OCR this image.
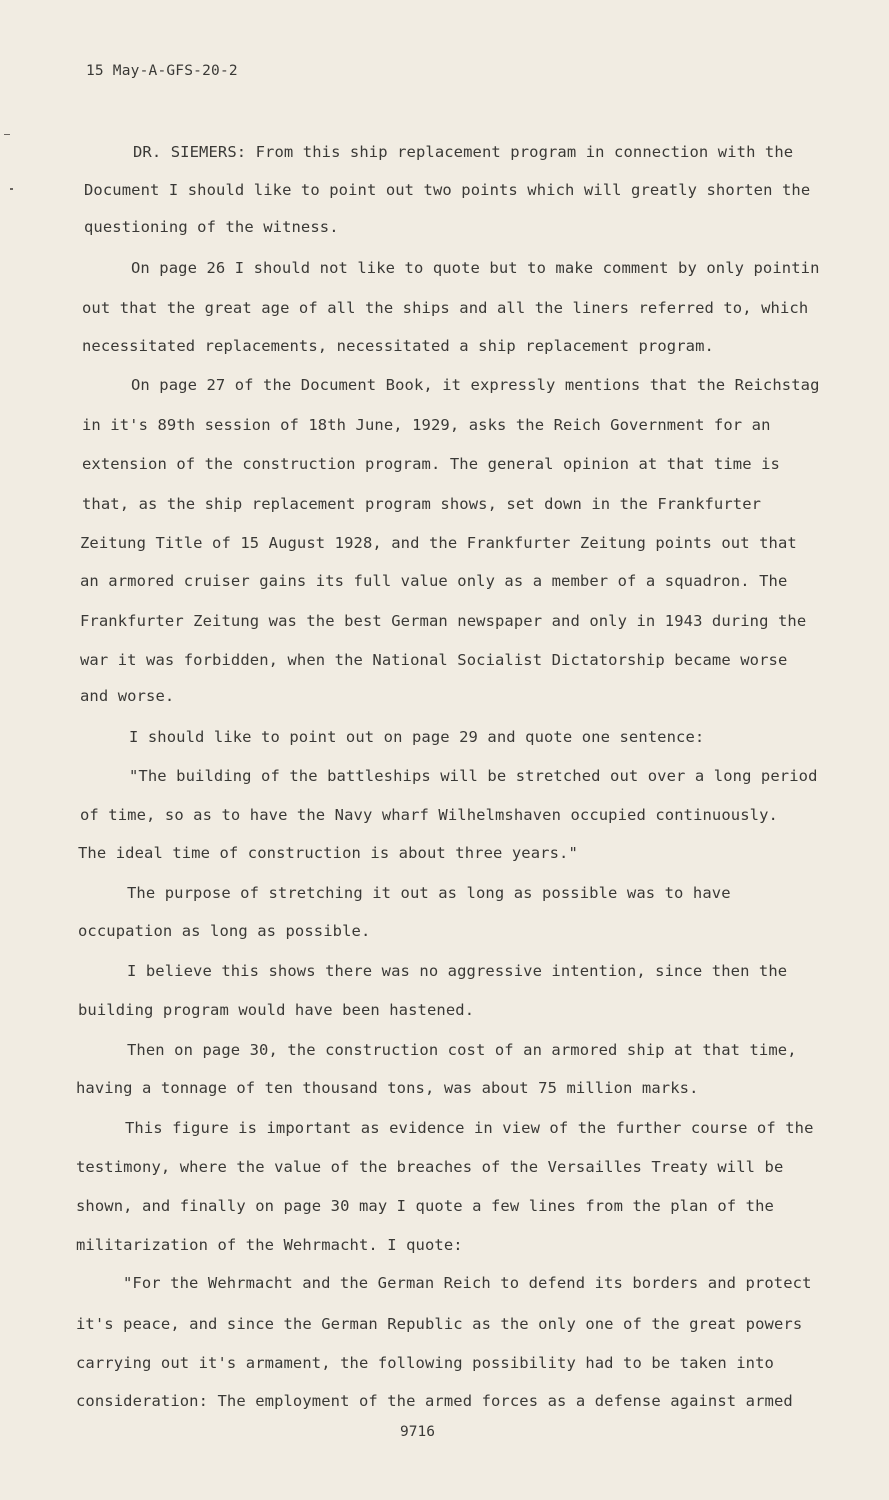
15 May-A-GFS-20-2
DR. SIEMERS: From this ship replacement program in connection with the
Document I should like to point out two points which will greatly shorten the
questioning of the witness.
On page 26 I should not like to quote but to make comment by only pointin
out that the great age of all the ships and all the liners referred to, which
necessitated replacements, necessitated a ship replacement program.
On page 27 of the Document Book, it expressly mentions that the Reichstag
in it's 89th session of 18th June, 1929, asks the Reich Government for an
extension of the construction program. The general opinion at that time is
that, as the ship replacement program shows, set down in the Frankfurter
Zeitung Title of 15 August 1928, and the Frankfurter Zeitung points out that
an armored cruiser gains its full value only as a member of a squadron. The
Frankfurter Zeitung was the best German newspaper and only in 1943 during the
war it was forbidden, when the National Socialist Dictatorship became worse
and worse.
I should like to point out on page 29 and quote one sentence:
"The building of the battleships will be stretched out over a long period
of time, so as to have the Navy wharf Wilhelmshaven occupied continuously.
The ideal time of construction is about three years."
The purpose of stretching it out as long as possible was to have
occupation as long as possible.
I believe this shows there was no aggressive intention, since then the
building program would have been hastened.
Then on page 30, the construction cost of an armored ship at that time,
having a tonnage of ten thousand tons, was about 75 million marks.
This figure is important as evidence in view of the further course of the
testimony, where the value of the breaches of the Versailles Treaty will be
shown, and finally on page 30 may I quote a few lines from the plan of the
militarization of the Wehrmacht. I quote:
"For the Wehrmacht and the German Reich to defend its borders and protect
it's peace, and since the German Republic as the only one of the great powers
carrying out it's armament, the following possibility had to be taken into
consideration: The employment of the armed forces as a defense against armed
9716
